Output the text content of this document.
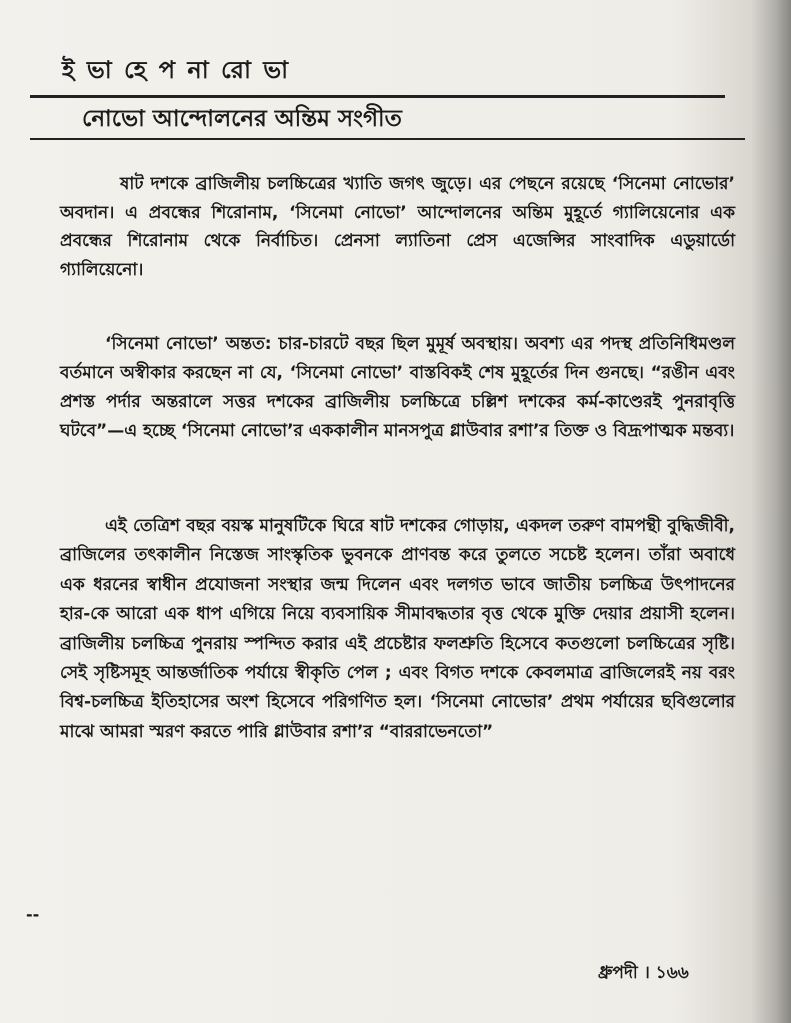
ই ভা হে প না রো ভা
নোভো আন্দোলনের অন্তিম সংগীত
ষাট দশকে ব্রাজিলীয় চলচ্চিত্রের খ্যাতি জগৎ জুড়ে। এর পেছনে রয়েছে ‘সিনেমা নোভোর’ অবদান। এ প্রবন্ধের শিরোনাম, ‘সিনেমা নোভো’ আন্দোলনের অন্তিম মুহূর্তে গ্যালিয়েনোর এক প্রবন্ধের শিরোনাম থেকে নির্বাচিত। প্রেনসা ল্যাতিনা প্রেস এজেন্সির সাংবাদিক এডুয়ার্ডো গ্যালিয়েনো।
‘সিনেমা নোভো’ অন্তত: চার-চারটে বছর ছিল মুমূর্ষ অবস্থায়। অবশ্য এর পদস্থ প্রতিনিধিমণ্ডল বর্তমানে অস্বীকার করছেন না যে, ‘সিনেমা নোভো’ বাস্তবিকই শেষ মুহূর্তের দিন গুনছে। “রঙীন এবং প্রশস্ত পর্দার অন্তরালে সত্তর দশকের ব্রাজিলীয় চলচ্চিত্রে চল্লিশ দশকের কর্ম-কাণ্ডেরই পুনরাবৃত্তি ঘটবে”—এ হচ্ছে ‘সিনেমা নোভো’র এককালীন মানসপুত্র গ্লাউবার রশা’র তিক্ত ও বিদ্রূপাত্মক মন্তব্য।
এই তেত্রিশ বছর বয়স্ক মানুষটিকে ঘিরে ষাট দশকের গোড়ায়, একদল তরুণ বামপন্থী বুদ্ধিজীবী, ব্রাজিলের তৎকালীন নিস্তেজ সাংস্কৃতিক ভুবনকে প্রাণবন্ত করে তুলতে সচেষ্ট হলেন। তাঁরা অবাধে এক ধরনের স্বাধীন প্রযোজনা সংস্থার জন্ম দিলেন এবং দলগত ভাবে জাতীয় চলচ্চিত্র উৎপাদনের হার-কে আরো এক ধাপ এগিয়ে নিয়ে ব্যবসায়িক সীমাবদ্ধতার বৃত্ত থেকে মুক্তি দেয়ার প্রয়াসী হলেন। ব্রাজিলীয় চলচ্চিত্র পুনরায় স্পন্দিত করার এই প্রচেষ্টার ফলশ্রুতি হিসেবে কতগুলো চলচ্চিত্রের সৃষ্টি। সেই সৃষ্টিসমূহ আন্তর্জাতিক পর্যায়ে স্বীকৃতি পেল ; এবং বিগত দশকে কেবলমাত্র ব্রাজিলেরই নয় বরং বিশ্ব-চলচ্চিত্র ইতিহাসের অংশ হিসেবে পরিগণিত হল। ‘সিনেমা নোভোর’ প্রথম পর্যায়ের ছবিগুলোর মাঝে আমরা স্মরণ করতে পারি গ্লাউবার রশা’র “বাররাভেনতো”
--
ধ্রুপদী । ১৬৬
